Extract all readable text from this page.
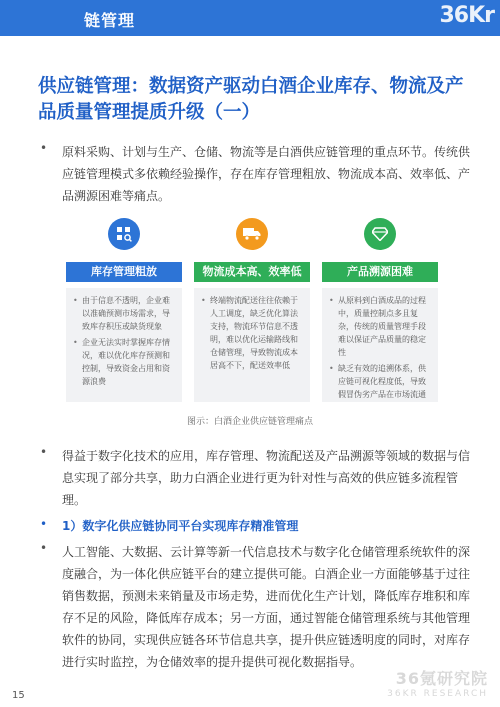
链管理	36Kr
供应链管理：数据资产驱动白酒企业库存、物流及产品质量管理提质升级（一）
• 原料采购、计划与生产、仓储、物流等是白酒供应链管理的重点环节。传统供应链管理模式多依赖经验操作，存在库存管理粗放、物流成本高、效率低、产品溯源困难等痛点。
库存管理粗放
• 由于信息不透明，企业难以准确预测市场需求，导致库存积压或缺货现象
• 企业无法实时掌握库存情况，难以优化库存预测和控制，导致资金占用和资源浪费
物流成本高、效率低
• 终端物流配送往往依赖于人工调度，缺乏优化算法支持，物流环节信息不透明，难以优化运输路线和仓储管理，导致物流成本居高不下，配送效率低
产品溯源困难
• 从原料到白酒成品的过程中，质量控制点多且复杂，传统的质量管理手段难以保证产品质量的稳定性
• 缺乏有效的追溯体系，供应链可视化程度低，导致假冒伪劣产品在市场流通
图示：白酒企业供应链管理痛点
• 得益于数字化技术的应用，库存管理、物流配送及产品溯源等领域的数据与信息实现了部分共享，助力白酒企业进行更为针对性与高效的供应链多流程管理。
• 1）数字化供应链协同平台实现库存精准管理
• 人工智能、大数据、云计算等新一代信息技术与数字化仓储管理系统软件的深度融合，为一体化供应链平台的建立提供可能。白酒企业一方面能够基于过往销售数据，预测未来销量及市场走势，进而优化生产计划，降低库存堆积和库存不足的风险，降低库存成本；另一方面，通过智能仓储管理系统与其他管理软件的协同，实现供应链各环节信息共享，提升供应链透明度的同时，对库存进行实时监控，为仓储效率的提升提供可视化数据指导。
15
36氪研究院
36KR RESEARCH
